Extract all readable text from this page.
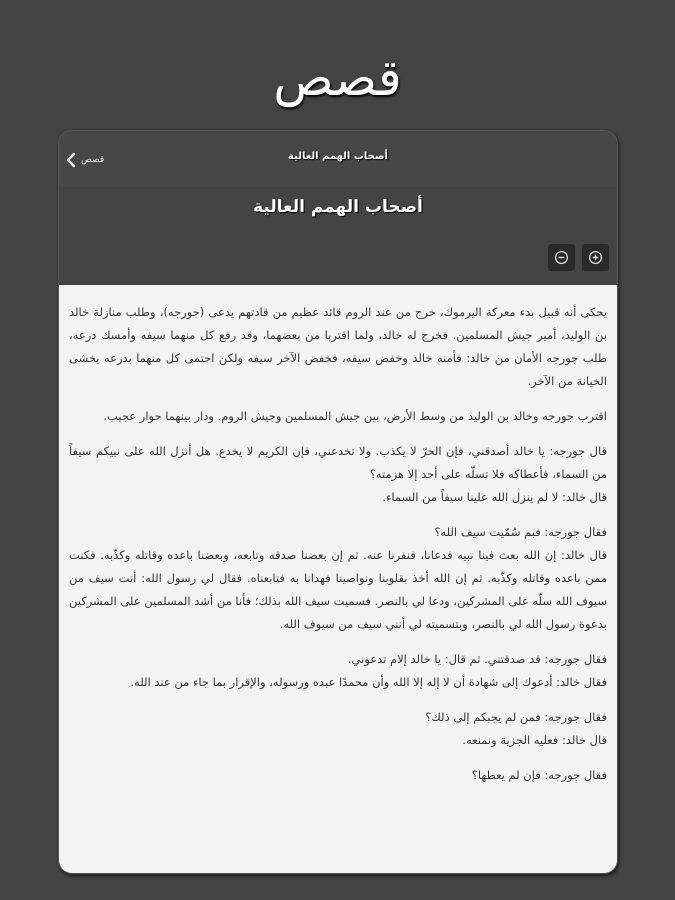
قصص
قصص	أصحاب الهمم العالية
أصحاب الهمم العالية

يحكى أنه قبيل بدء معركة اليرموك، خرج من عند الروم قائد عظيم من قادتهم يدعى (جورجه)، وطلب منازلة خالد بن الوليد، أمير جيش المسلمين. فخرج له خالد، ولما اقتربا من بعضهما، وقد رفع كل منهما سيفه وأمسك درعه، طلب جورجه الأمان من خالد: فأمنه خالد وخفض سيفه، فخفض الآخر سيفه ولكن احتمى كل منهما بدرعه يخشى الخيانة من الآخر.

اقترب جورجه وخالد بن الوليد من وسط الأرض، بين جيش المسلمين وجيش الروم. ودار بينهما حوار عجيب.

قال جورجه: يا خالد أصدقني، فإن الحرّ لا يكذب. ولا تخدعني، فإن الكريم لا يخدع. هل أنزل الله على نبيكم سيفاً من السماء، فأعطاكه فلا تسلّه على أحد إلا هزمته؟

قال خالد: لا لم ينزل الله علينا سيفاً من السماء.

فقال جورجه: فبم سُمّيت سيف الله؟

قال خالد: إن الله بعث فينا نبيه فدعانا، فنفرنا عنه. ثم إن بعضنا صدقه وتابعه، وبعضنا باعده وقاتله وكذّبه. فكنت ممن باعده وقاتله وكذّبه. ثم إن الله أخذ بقلوبنا ونواصينا فهدانا به فتابعناه. فقال لي رسول الله: أنت سيف من سيوف الله سلّه على المشركين، ودعا لي بالنصر. فسميت سيف الله بذلك؛ فأنا من أشد المسلمين على المشركين بدعوة رسول الله لي بالنصر، وبتسميته لي أنني سيف من سيوف الله.

فقال جورجه: قد صدقتني. ثم قال: يا خالد إلام تدعوني.

فقال خالد: أدعوك إلى شهادة أن لا إله إلا الله وأن محمدًا عبده ورسوله، والإقرار بما جاء من عند الله.

فقال جورجه: فمن لم يجبكم إلى ذلك؟

قال خالد: فعليه الجزية ونمنعه.

فقال جورجه: فإن لم يعطها؟
